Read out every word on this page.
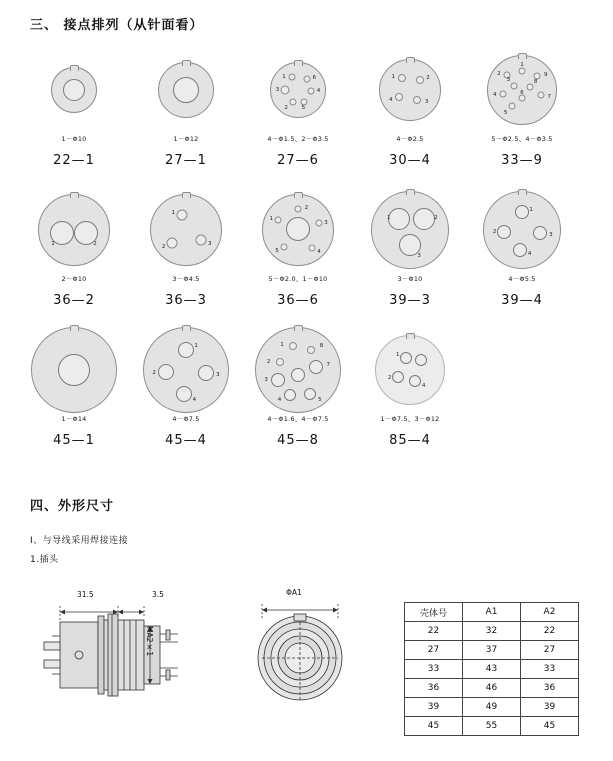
三、 接点排列（从针面看）
1－Φ10
22—1
1－Φ12
27—1
1	6
3	4
2	5
4－Φ1.5、2－Φ3.5
27—6
1	2
4	3
4－Φ2.5
30—4
1
2	9
3	8
4	6
7
5
5－Φ2.5、4－Φ3.5
33—9
1	2
2－Φ10
36—2
1
2	3
3－Φ4.5
36—3
2
1
3
5	4
5－Φ2.0、1－Φ10
36—6
1	2
3
3－Φ10
39—3
1
2
3
4
4－Φ5.5
39—4
1－Φ14
45—1
1
2	3
4
4－Φ7.5
45—4
1	8
2
7
3
4	5
4－Φ1.6、4－Φ7.5
45—8
1
2
4
1－Φ7.5、3－Φ12
85—4
四、外形尺寸
I、与导线采用焊接连接
1.插头
31.5	3.5
MA2×1
ΦA1
壳体号	A1	A2
22	32	22
27	37	27
33	43	33
36	46	36
39	49	39
45	55	45
